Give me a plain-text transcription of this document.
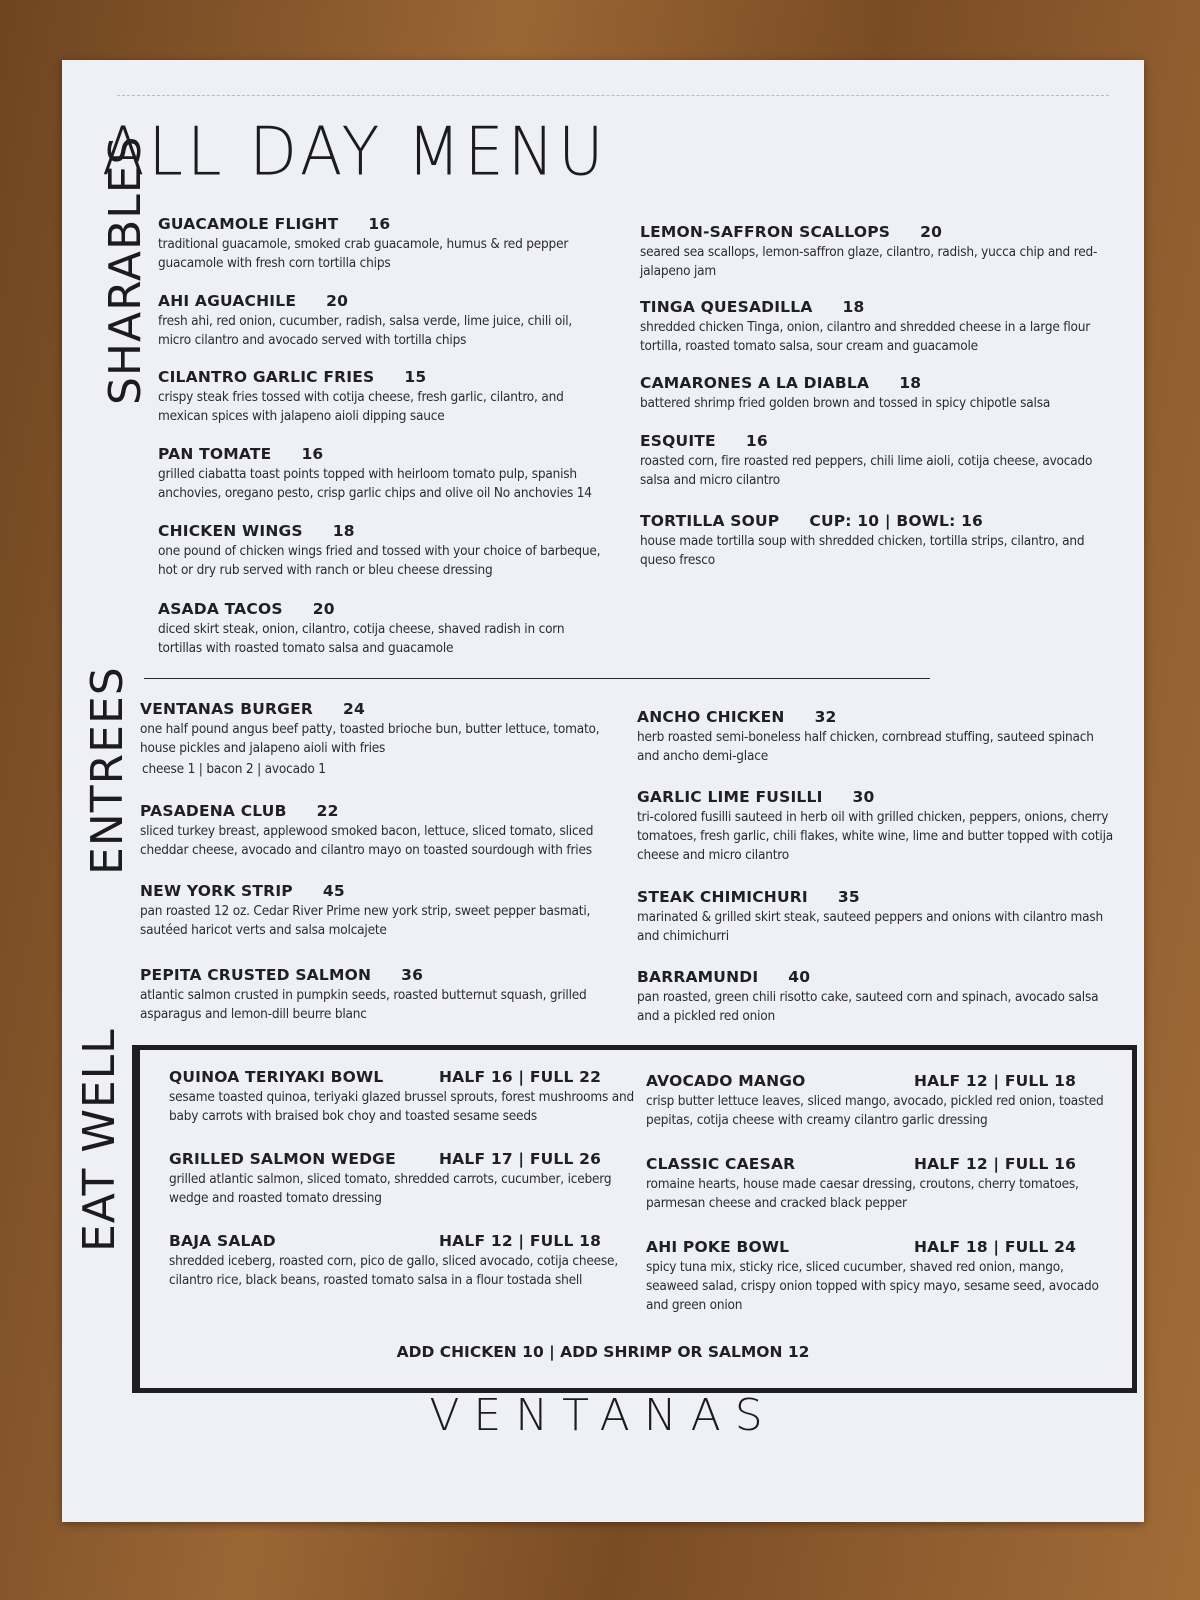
ALL DAY MENU
SHARABLES
ENTREES
EAT WELL
GUACAMOLE FLIGHT 16
traditional guacamole, smoked crab guacamole, humus & red pepper guacamole with fresh corn tortilla chips
AHI AGUACHILE 20
fresh ahi, red onion, cucumber, radish, salsa verde, lime juice, chili oil, micro cilantro and avocado served with tortilla chips
CILANTRO GARLIC FRIES 15
crispy steak fries tossed with cotija cheese, fresh garlic, cilantro, and mexican spices with jalapeno aioli dipping sauce
PAN TOMATE 16
grilled ciabatta toast points topped with heirloom tomato pulp, spanish anchovies, oregano pesto, crisp garlic chips and olive oil No anchovies 14
CHICKEN WINGS 18
one pound of chicken wings fried and tossed with your choice of barbeque, hot or dry rub served with ranch or bleu cheese dressing
ASADA TACOS 20
diced skirt steak, onion, cilantro, cotija cheese, shaved radish in corn tortillas with roasted tomato salsa and guacamole
LEMON-SAFFRON SCALLOPS 20
seared sea scallops, lemon-saffron glaze, cilantro, radish, yucca chip and red-jalapeno jam
TINGA QUESADILLA 18
shredded chicken Tinga, onion, cilantro and shredded cheese in a large flour tortilla, roasted tomato salsa, sour cream and guacamole
CAMARONES A LA DIABLA 18
battered shrimp fried golden brown and tossed in spicy chipotle salsa
ESQUITE 16
roasted corn, fire roasted red peppers, chili lime aioli, cotija cheese, avocado salsa and micro cilantro
TORTILLA SOUP CUP: 10 | BOWL: 16
house made tortilla soup with shredded chicken, tortilla strips, cilantro, and queso fresco
VENTANAS BURGER 24
one half pound angus beef patty, toasted brioche bun, butter lettuce, tomato, house pickles and jalapeno aioli with fries
cheese 1 | bacon 2 | avocado 1
PASADENA CLUB 22
sliced turkey breast, applewood smoked bacon, lettuce, sliced tomato, sliced cheddar cheese, avocado and cilantro mayo on toasted sourdough with fries
NEW YORK STRIP 45
pan roasted 12 oz. Cedar River Prime new york strip, sweet pepper basmati, sautéed haricot verts and salsa molcajete
PEPITA CRUSTED SALMON 36
atlantic salmon crusted in pumpkin seeds, roasted butternut squash, grilled asparagus and lemon-dill beurre blanc
ANCHO CHICKEN 32
herb roasted semi-boneless half chicken, cornbread stuffing, sauteed spinach and ancho demi-glace
GARLIC LIME FUSILLI 30
tri-colored fusilli sauteed in herb oil with grilled chicken, peppers, onions, cherry tomatoes, fresh garlic, chili flakes, white wine, lime and butter topped with cotija cheese and micro cilantro
STEAK CHIMICHURI 35
marinated & grilled skirt steak, sauteed peppers and onions with cilantro mash and chimichurri
BARRAMUNDI 40
pan roasted, green chili risotto cake, sauteed corn and spinach, avocado salsa and a pickled red onion
QUINOA TERIYAKI BOWL	HALF 16 | FULL 22
sesame toasted quinoa, teriyaki glazed brussel sprouts, forest mushrooms and baby carrots with braised bok choy and toasted sesame seeds
GRILLED SALMON WEDGE	HALF 17 | FULL 26
grilled atlantic salmon, sliced tomato, shredded carrots, cucumber, iceberg wedge and roasted tomato dressing
BAJA SALAD	HALF 12 | FULL 18
shredded iceberg, roasted corn, pico de gallo, sliced avocado, cotija cheese, cilantro rice, black beans, roasted tomato salsa in a flour tostada shell
AVOCADO MANGO	HALF 12 | FULL 18
crisp butter lettuce leaves, sliced mango, avocado, pickled red onion, toasted pepitas, cotija cheese with creamy cilantro garlic dressing
CLASSIC CAESAR	HALF 12 | FULL 16
romaine hearts, house made caesar dressing, croutons, cherry tomatoes, parmesan cheese and cracked black pepper
AHI POKE BOWL	HALF 18 | FULL 24
spicy tuna mix, sticky rice, sliced cucumber, shaved red onion, mango, seaweed salad, crispy onion topped with spicy mayo, sesame seed, avocado and green onion
ADD CHICKEN 10 | ADD SHRIMP OR SALMON 12
VENTANAS
